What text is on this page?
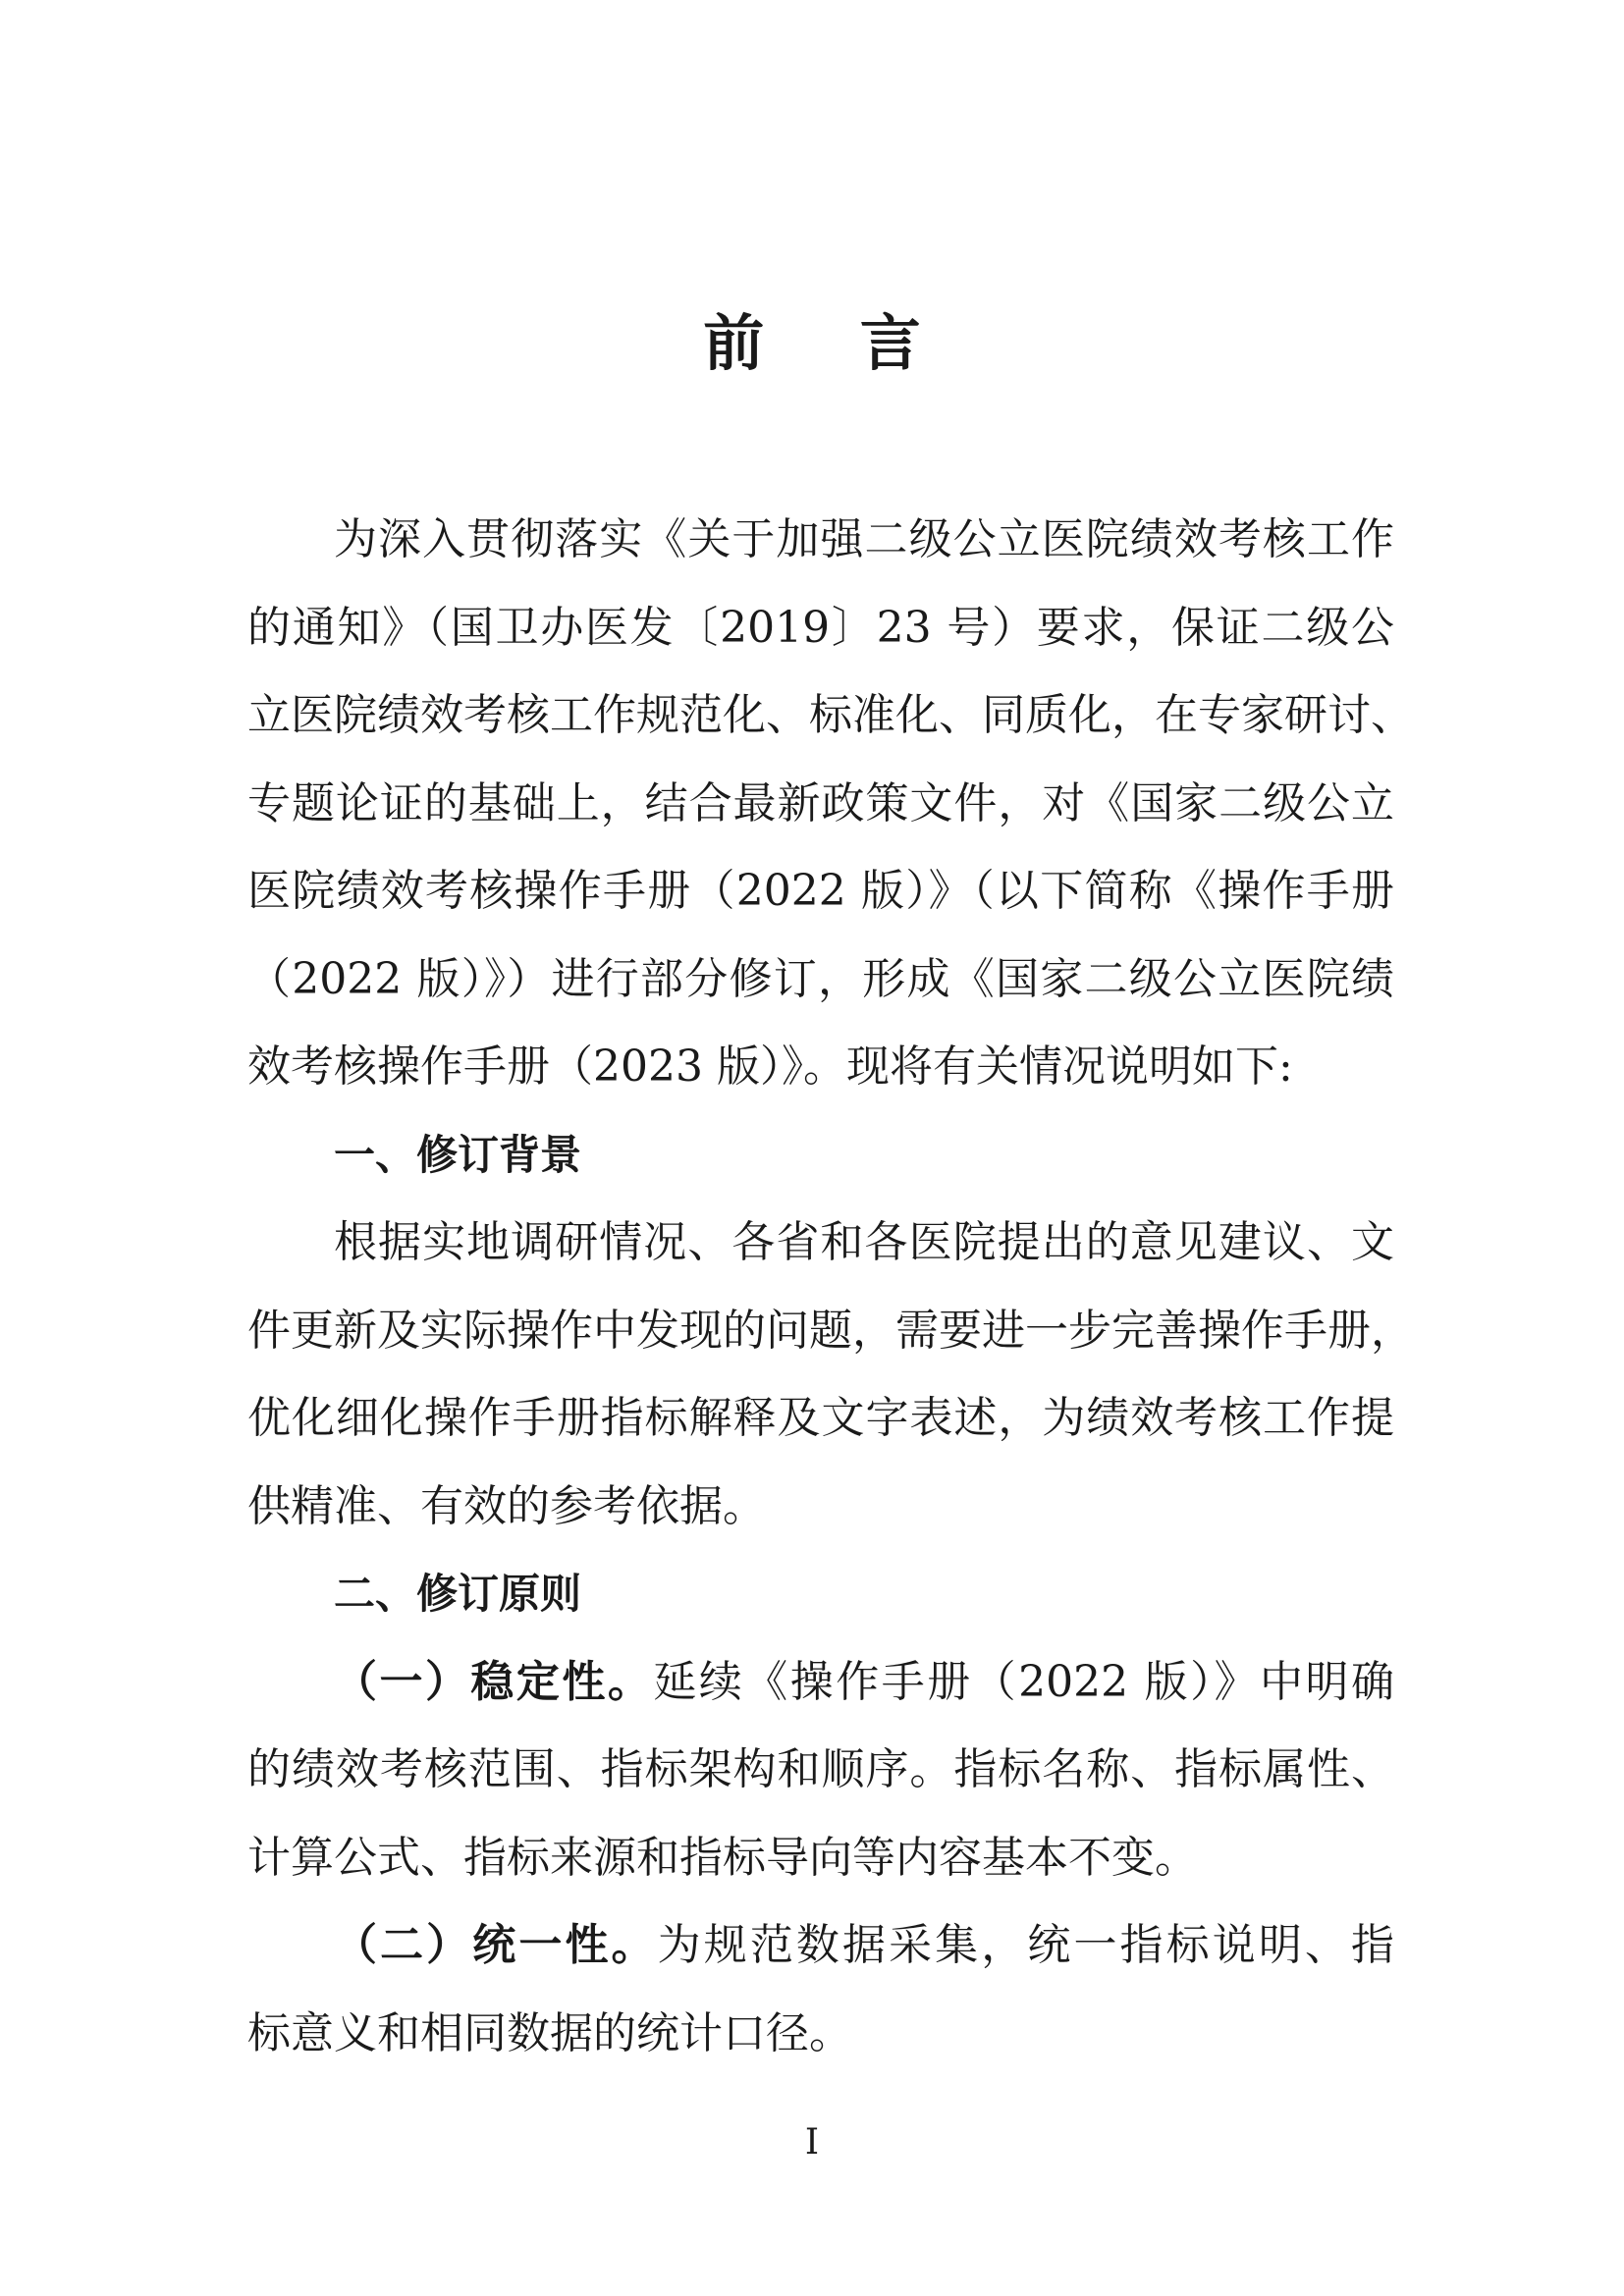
前 言
为深入贯彻落实《关于加强二级公立医院绩效考核工作
的通知》（国卫办医发〔2019〕23 号）要求，保证二级公
立医院绩效考核工作规范化、标准化、同质化，在专家研讨、
专题论证的基础上，结合最新政策文件，对《国家二级公立
医院绩效考核操作手册（2022 版）》（以下简称《操作手册
（2022 版）》）进行部分修订，形成《国家二级公立医院绩
效考核操作手册（2023 版）》。现将有关情况说明如下:
一、修订背景
根据实地调研情况、各省和各医院提出的意见建议、文
件更新及实际操作中发现的问题，需要进一步完善操作手册，
优化细化操作手册指标解释及文字表述，为绩效考核工作提
供精准、有效的参考依据。
二、修订原则
（一）稳定性。延续《操作手册（2022 版）》中明确
的绩效考核范围、指标架构和顺序。指标名称、指标属性、
计算公式、指标来源和指标导向等内容基本不变。
（二）统一性。为规范数据采集，统一指标说明、指
标意义和相同数据的统计口径。
I
